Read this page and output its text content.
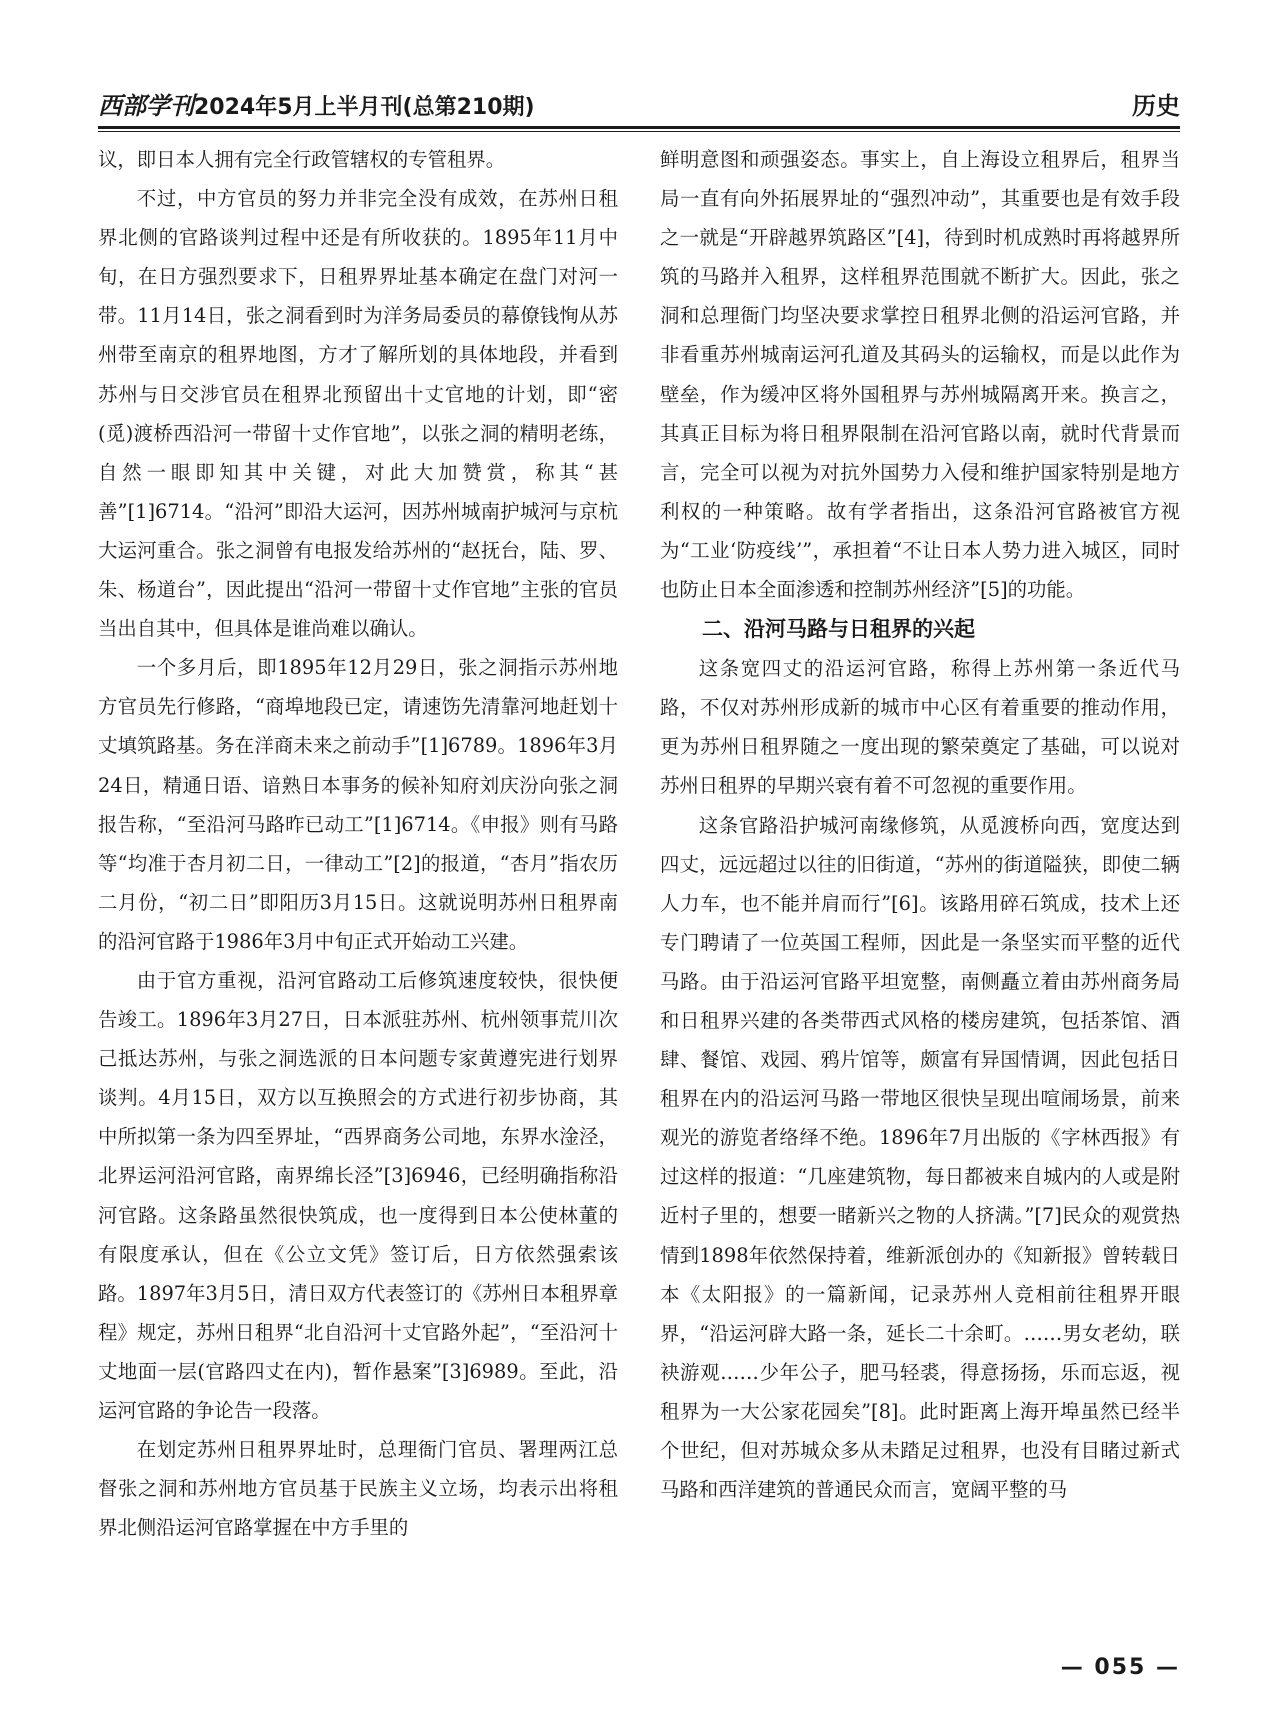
西部学刊2024年5月上半月刊(总第210期)	历史

议，即日本人拥有完全行政管辖权的专管租界。

不过，中方官员的努力并非完全没有成效，在苏州日租界北侧的官路谈判过程中还是有所收获的。1895年11月中旬，在日方强烈要求下，日租界界址基本确定在盘门对河一带。11月14日，张之洞看到时为洋务局委员的幕僚钱恂从苏州带至南京的租界地图，方才了解所划的具体地段，并看到苏州与日交涉官员在租界北预留出十丈官地的计划，即“密(觅)渡桥西沿河一带留十丈作官地”，以张之洞的精明老练，自然一眼即知其中关键，对此大加赞赏，称其“甚善”[1]6714。“沿河”即沿大运河，因苏州城南护城河与京杭大运河重合。张之洞曾有电报发给苏州的“赵抚台，陆、罗、朱、杨道台”，因此提出“沿河一带留十丈作官地”主张的官员当出自其中，但具体是谁尚难以确认。

一个多月后，即1895年12月29日，张之洞指示苏州地方官员先行修路，“商埠地段已定，请速饬先清靠河地赶划十丈填筑路基。务在洋商未来之前动手”[1]6789。1896年3月24日，精通日语、谙熟日本事务的候补知府刘庆汾向张之洞报告称，“至沿河马路昨已动工”[1]6714。《申报》则有马路等“均准于杏月初二日，一律动工”[2]的报道，“杏月”指农历二月份，“初二日”即阳历3月15日。这就说明苏州日租界南的沿河官路于1986年3月中旬正式开始动工兴建。

由于官方重视，沿河官路动工后修筑速度较快，很快便告竣工。1896年3月27日，日本派驻苏州、杭州领事荒川次己抵达苏州，与张之洞选派的日本问题专家黄遵宪进行划界谈判。4月15日，双方以互换照会的方式进行初步协商，其中所拟第一条为四至界址，“西界商务公司地，东界水淦泾，北界运河沿河官路，南界绵长泾”[3]6946，已经明确指称沿河官路。这条路虽然很快筑成，也一度得到日本公使林董的有限度承认，但在《公立文凭》签订后，日方依然强索该路。1897年3月5日，清日双方代表签订的《苏州日本租界章程》规定，苏州日租界“北自沿河十丈官路外起”，“至沿河十丈地面一层(官路四丈在内)，暂作悬案”[3]6989。至此，沿运河官路的争论告一段落。

在划定苏州日租界界址时，总理衙门官员、署理两江总督张之洞和苏州地方官员基于民族主义立场，均表示出将租界北侧沿运河官路掌握在中方手里的

鲜明意图和顽强姿态。事实上，自上海设立租界后，租界当局一直有向外拓展界址的“强烈冲动”，其重要也是有效手段之一就是“开辟越界筑路区”[4]，待到时机成熟时再将越界所筑的马路并入租界，这样租界范围就不断扩大。因此，张之洞和总理衙门均坚决要求掌控日租界北侧的沿运河官路，并非看重苏州城南运河孔道及其码头的运输权，而是以此作为壁垒，作为缓冲区将外国租界与苏州城隔离开来。换言之，其真正目标为将日租界限制在沿河官路以南，就时代背景而言，完全可以视为对抗外国势力入侵和维护国家特别是地方利权的一种策略。故有学者指出，这条沿河官路被官方视为“工业‘防疫线’”，承担着“不让日本人势力进入城区，同时也防止日本全面渗透和控制苏州经济”[5]的功能。

二、沿河马路与日租界的兴起

这条宽四丈的沿运河官路，称得上苏州第一条近代马路，不仅对苏州形成新的城市中心区有着重要的推动作用，更为苏州日租界随之一度出现的繁荣奠定了基础，可以说对苏州日租界的早期兴衰有着不可忽视的重要作用。

这条官路沿护城河南缘修筑，从觅渡桥向西，宽度达到四丈，远远超过以往的旧街道，“苏州的街道隘狭，即使二辆人力车，也不能并肩而行”[6]。该路用碎石筑成，技术上还专门聘请了一位英国工程师，因此是一条坚实而平整的近代马路。由于沿运河官路平坦宽整，南侧矗立着由苏州商务局和日租界兴建的各类带西式风格的楼房建筑，包括茶馆、酒肆、餐馆、戏园、鸦片馆等，颇富有异国情调，因此包括日租界在内的沿运河马路一带地区很快呈现出喧闹场景，前来观光的游览者络绎不绝。1896年7月出版的《字林西报》有过这样的报道：“几座建筑物，每日都被来自城内的人或是附近村子里的，想要一睹新兴之物的人挤满。”[7]民众的观赏热情到1898年依然保持着，维新派创办的《知新报》曾转载日本《太阳报》的一篇新闻，记录苏州人竞相前往租界开眼界，“沿运河辟大路一条，延长二十余町。……男女老幼，联袂游观……少年公子，肥马轻裘，得意扬扬，乐而忘返，视租界为一大公家花园矣”[8]。此时距离上海开埠虽然已经半个世纪，但对苏城众多从未踏足过租界，也没有目睹过新式马路和西洋建筑的普通民众而言，宽阔平整的马

— 055 —
